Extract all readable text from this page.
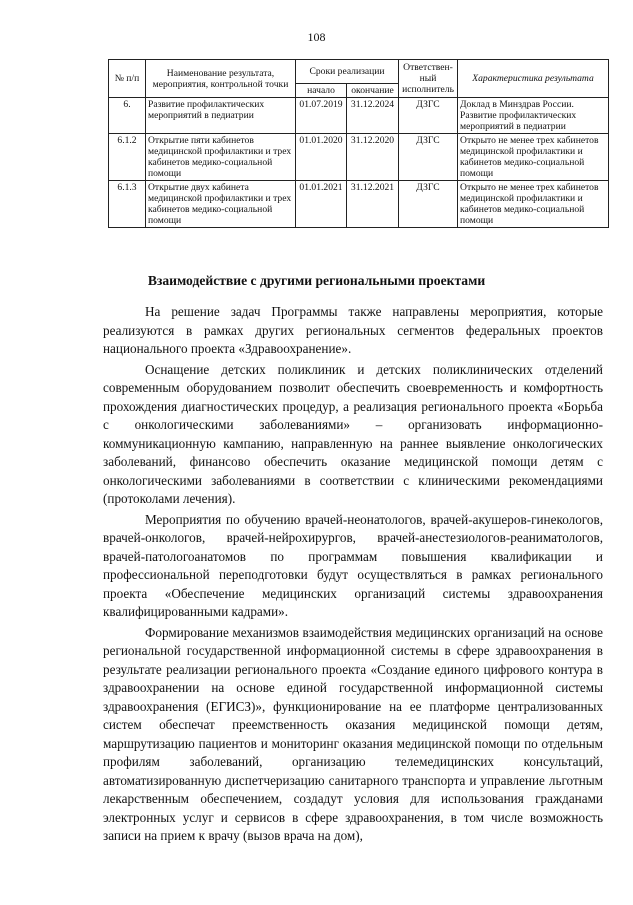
108
№ п/п	Наименование результата, мероприятия, контрольной точки	Сроки реализации		Ответствен-ный исполнитель	Характеристика результата
		начало	окончание		
6.	Развитие профилактических мероприятий в педиатрии	01.07.2019	31.12.2024	ДЗГС	Доклад в Минздрав России. Развитие профилактических мероприятий в педиатрии
6.1.2	Открытие пяти кабинетов медицинской профилактики и трех кабинетов медико-социальной помощи	01.01.2020	31.12.2020	ДЗГС	Открыто не менее трех кабинетов медицинской профилактики и кабинетов медико-социальной помощи
6.1.3	Открытие двух кабинета медицинской профилактики и трех кабинетов медико-социальной помощи	01.01.2021	31.12.2021	ДЗГС	Открыто не менее трех кабинетов медицинской профилактики и кабинетов медико-социальной помощи
Взаимодействие с другими региональными проектами

На решение задач Программы также направлены мероприятия, которые реализуются в рамках других региональных сегментов федеральных проектов национального проекта «Здравоохранение».

Оснащение детских поликлиник и детских поликлинических отделений современным оборудованием позволит обеспечить своевременность и комфортность прохождения диагностических процедур, а реализация регионального проекта «Борьба с онкологическими заболеваниями» – организовать информационно-коммуникационную кампанию, направленную на раннее выявление онкологических заболеваний, финансово обеспечить оказание медицинской помощи детям с онкологическими заболеваниями в соответствии с клиническими рекомендациями (протоколами лечения).

Мероприятия по обучению врачей-неонатологов, врачей-акушеров-гинекологов, врачей-онкологов, врачей-нейрохирургов, врачей-анестезиологов-реаниматологов, врачей-патологоанатомов по программам повышения квалификации и профессиональной переподготовки будут осуществляться в рамках регионального проекта «Обеспечение медицинских организаций системы здравоохранения квалифицированными кадрами».

Формирование механизмов взаимодействия медицинских организаций на основе региональной государственной информационной системы в сфере здравоохранения в результате реализации регионального проекта «Создание единого цифрового контура в здравоохранении на основе единой государственной информационной системы здравоохранения (ЕГИСЗ)», функционирование на ее платформе централизованных систем обеспечат преемственность оказания медицинской помощи детям, маршрутизацию пациентов и мониторинг оказания медицинской помощи по отдельным профилям заболеваний, организацию телемедицинских консультаций, автоматизированную диспетчеризацию санитарного транспорта и управление льготным лекарственным обеспечением, создадут условия для использования гражданами электронных услуг и сервисов в сфере здравоохранения, в том числе возможность записи на прием к врачу (вызов врача на дом),
